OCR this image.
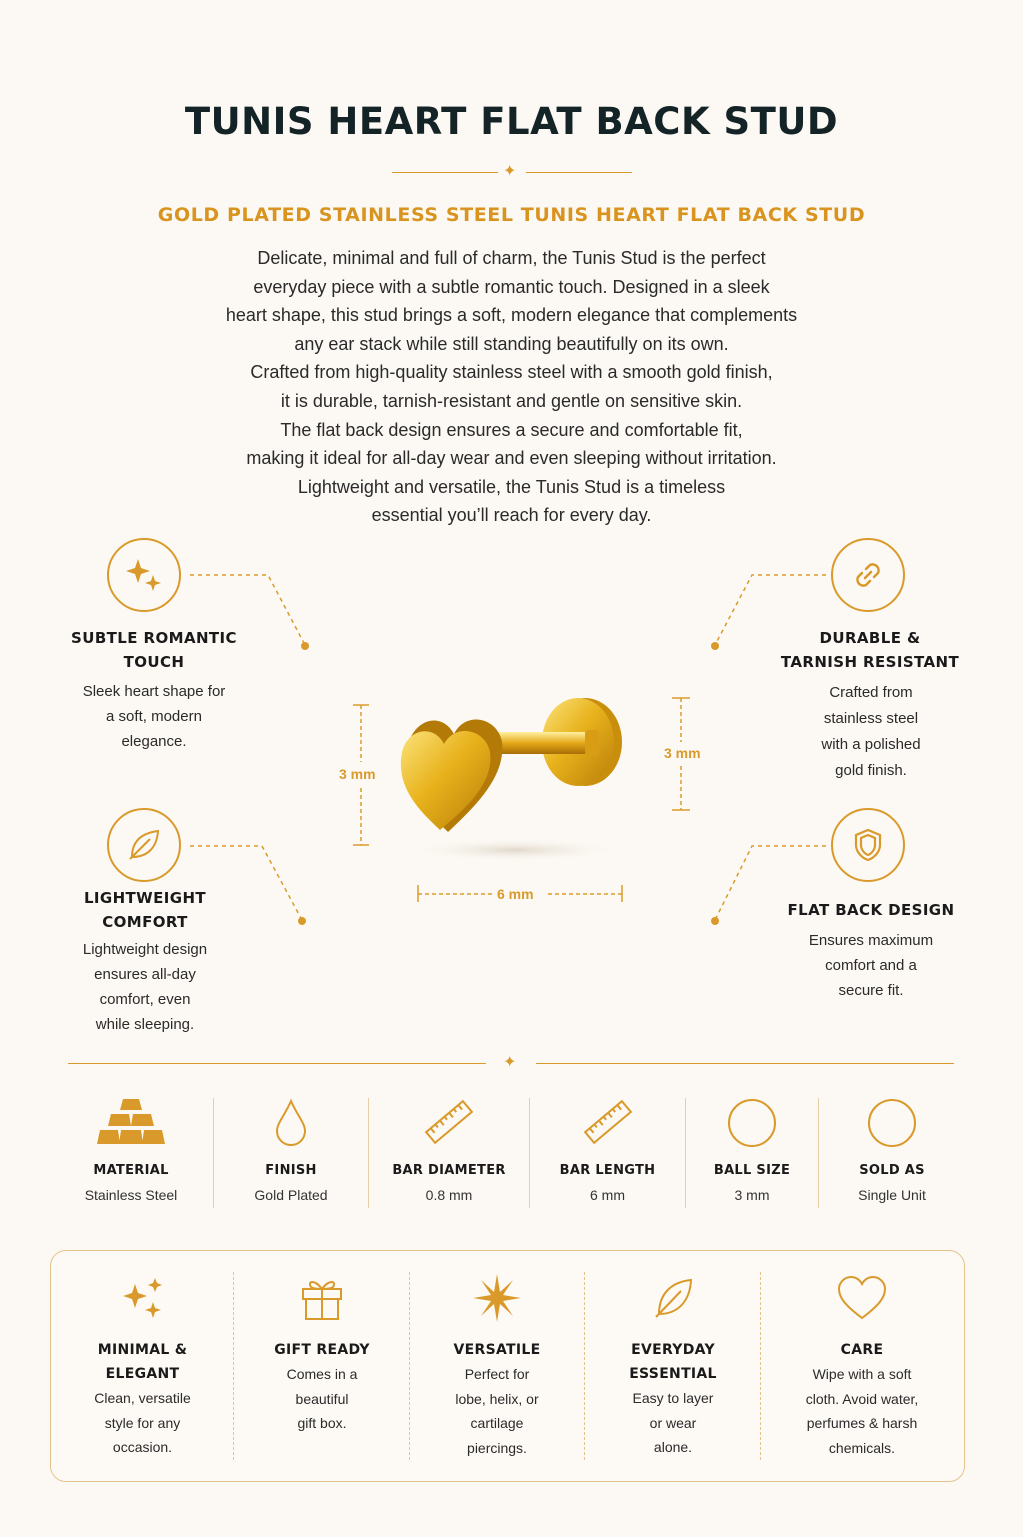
TUNIS HEART FLAT BACK STUD
✦
GOLD PLATED STAINLESS STEEL TUNIS HEART FLAT BACK STUD
Delicate, minimal and full of charm, the Tunis Stud is the perfect
everyday piece with a subtle romantic touch. Designed in a sleek
heart shape, this stud brings a soft, modern elegance that complements
any ear stack while still standing beautifully on its own.
Crafted from high-quality stainless steel with a smooth gold finish,
it is durable, tarnish-resistant and gentle on sensitive skin.
The flat back design ensures a secure and comfortable fit,
making it ideal for all-day wear and even sleeping without irritation.
Lightweight and versatile, the Tunis Stud is a timeless
essential you’ll reach for every day.
SUBTLE ROMANTIC
TOUCH
Sleek heart shape for
a soft, modern
elegance.
LIGHTWEIGHT
COMFORT
Lightweight design
ensures all-day
comfort, even
while sleeping.
DURABLE &
TARNISH RESISTANT
Crafted from
stainless steel
with a polished
gold finish.
FLAT BACK DESIGN
Ensures maximum
comfort and a
secure fit.
3 mm
3 mm
6 mm
✦
MATERIAL
Stainless Steel
FINISH
Gold Plated
BAR DIAMETER
0.8 mm
BAR LENGTH
6 mm
BALL SIZE
3 mm
SOLD AS
Single Unit
MINIMAL &
ELEGANT
Clean, versatile
style for any
occasion.
GIFT READY
Comes in a
beautiful
gift box.
VERSATILE
Perfect for
lobe, helix, or
cartilage
piercings.
EVERYDAY
ESSENTIAL
Easy to layer
or wear
alone.
CARE
Wipe with a soft
cloth. Avoid water,
perfumes & harsh
chemicals.
